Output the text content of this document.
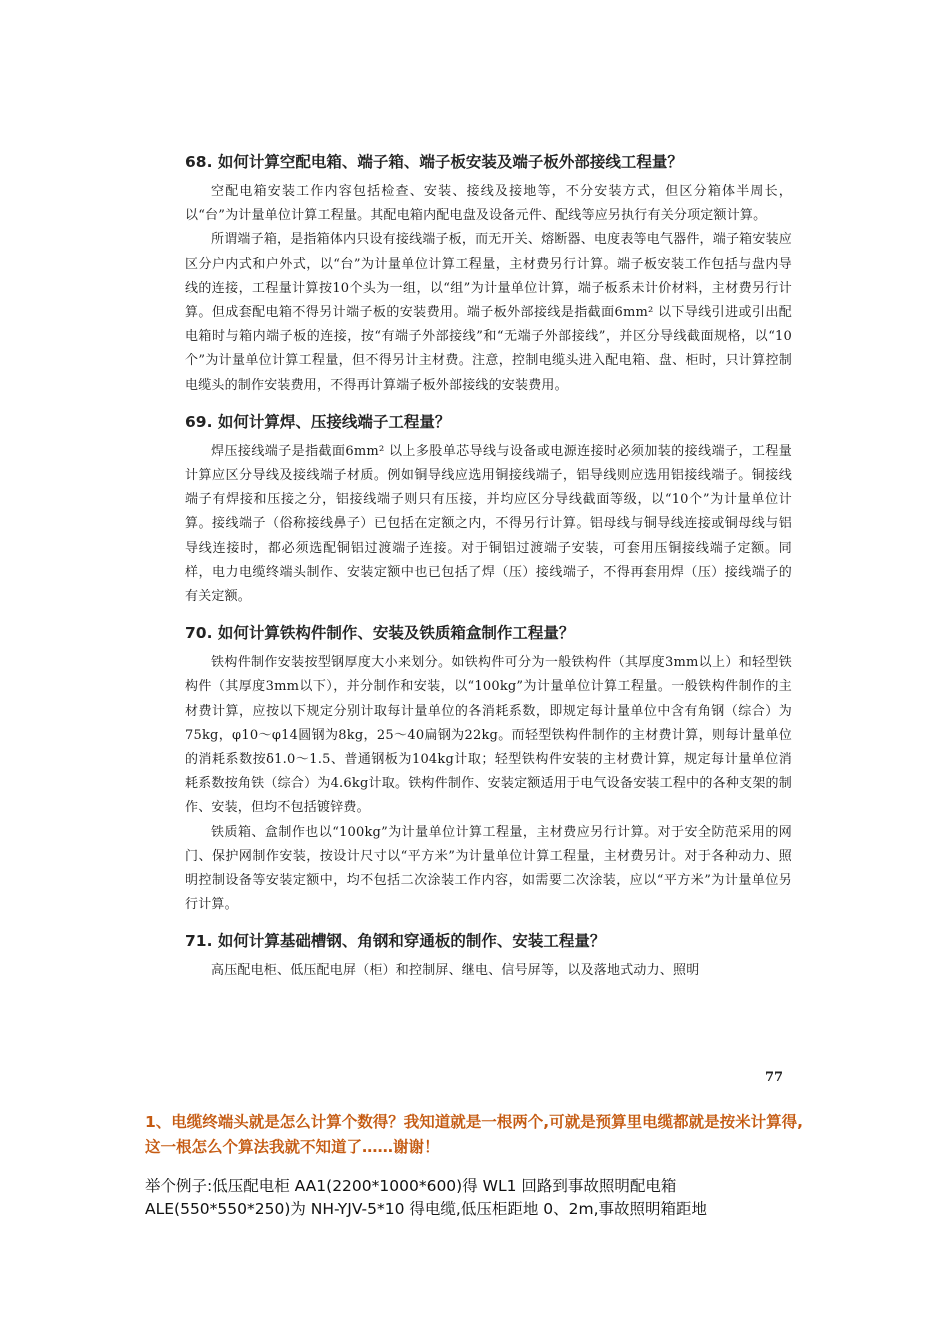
68. 如何计算空配电箱、端子箱、端子板安装及端子板外部接线工程量？

空配电箱安装工作内容包括检查、安装、接线及接地等，不分安装方式，但区分箱体半周长，以“台”为计量单位计算工程量。其配电箱内配电盘及设备元件、配线等应另执行有关分项定额计算。

所谓端子箱，是指箱体内只设有接线端子板，而无开关、熔断器、电度表等电气器件，端子箱安装应区分户内式和户外式，以“台”为计量单位计算工程量，主材费另行计算。端子板安装工作包括与盘内导线的连接，工程量计算按10个头为一组，以“组”为计量单位计算，端子板系未计价材料，主材费另行计算。但成套配电箱不得另计端子板的安装费用。端子板外部接线是指截面6mm² 以下导线引进或引出配电箱时与箱内端子板的连接，按“有端子外部接线”和“无端子外部接线”，并区分导线截面规格，以“10个”为计量单位计算工程量，但不得另计主材费。注意，控制电缆头进入配电箱、盘、柜时，只计算控制电缆头的制作安装费用，不得再计算端子板外部接线的安装费用。

69. 如何计算焊、压接线端子工程量？

焊压接线端子是指截面6mm² 以上多股单芯导线与设备或电源连接时必须加装的接线端子，工程量计算应区分导线及接线端子材质。例如铜导线应选用铜接线端子，铝导线则应选用铝接线端子。铜接线端子有焊接和压接之分，铝接线端子则只有压接，并均应区分导线截面等级，以“10个”为计量单位计算。接线端子（俗称接线鼻子）已包括在定额之内，不得另行计算。铝母线与铜导线连接或铜母线与铝导线连接时，都必须选配铜铝过渡端子连接。对于铜铝过渡端子安装，可套用压铜接线端子定额。同样，电力电缆终端头制作、安装定额中也已包括了焊（压）接线端子，不得再套用焊（压）接线端子的有关定额。

70. 如何计算铁构件制作、安装及铁质箱盒制作工程量？

铁构件制作安装按型钢厚度大小来划分。如铁构件可分为一般铁构件（其厚度3mm以上）和轻型铁构件（其厚度3mm以下），并分制作和安装，以“100kg”为计量单位计算工程量。一般铁构件制作的主材费计算，应按以下规定分别计取每计量单位的各消耗系数，即规定每计量单位中含有角钢（综合）为75kg，φ10～φ14圆钢为8kg，25～40扁钢为22kg。而轻型铁构件制作的主材费计算，则每计量单位的消耗系数按δ1.0～1.5、普通钢板为104kg计取；轻型铁构件安装的主材费计算，规定每计量单位消耗系数按角铁（综合）为4.6kg计取。铁构件制作、安装定额适用于电气设备安装工程中的各种支架的制作、安装，但均不包括镀锌费。

铁质箱、盒制作也以“100kg”为计量单位计算工程量，主材费应另行计算。对于安全防范采用的网门、保护网制作安装，按设计尺寸以“平方米”为计量单位计算工程量，主材费另计。对于各种动力、照明控制设备等安装定额中，均不包括二次涂装工作内容，如需要二次涂装，应以“平方米”为计量单位另行计算。

71. 如何计算基础槽钢、角钢和穿通板的制作、安装工程量？

高压配电柜、低压配电屏（柜）和控制屏、继电、信号屏等，以及落地式动力、照明

77

1、电缆终端头就是怎么计算个数得？我知道就是一根两个,可就是预算里电缆都就是按米计算得,这一根怎么个算法我就不知道了……谢谢！

举个例子:低压配电柜 AA1(2200*1000*600)得 WL1 回路到事故照明配电箱 ALE(550*550*250)为 NH-YJV-5*10 得电缆,低压柜距地 0、2m,事故照明箱距地
